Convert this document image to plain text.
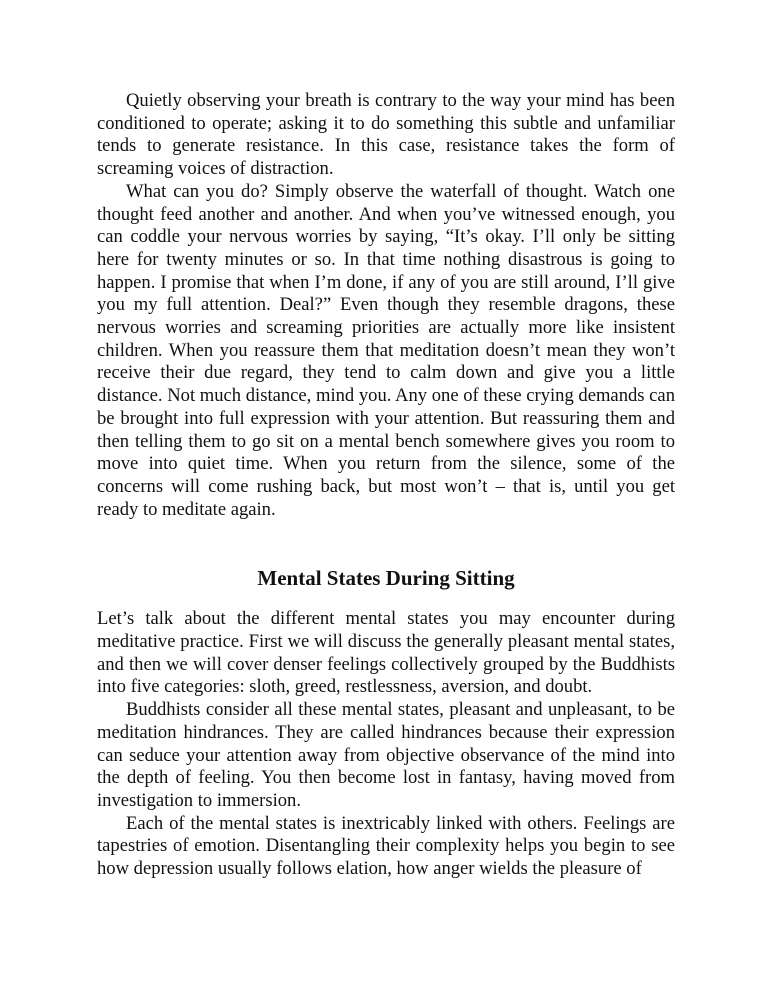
Quietly observing your breath is contrary to the way your mind has been conditioned to operate; asking it to do something this subtle and unfamiliar tends to generate resistance. In this case, resistance takes the form of screaming voices of distraction.

What can you do? Simply observe the waterfall of thought. Watch one thought feed another and another. And when you’ve witnessed enough, you can coddle your nervous worries by saying, “It’s okay. I’ll only be sitting here for twenty minutes or so. In that time nothing disastrous is going to happen. I promise that when I’m done, if any of you are still around, I’ll give you my full attention. Deal?” Even though they resemble dragons, these nervous worries and screaming priorities are actually more like insistent children. When you reassure them that meditation doesn’t mean they won’t receive their due regard, they tend to calm down and give you a little distance. Not much distance, mind you. Any one of these crying demands can be brought into full expression with your attention. But reassuring them and then telling them to go sit on a mental bench somewhere gives you room to move into quiet time. When you return from the silence, some of the concerns will come rushing back, but most won’t – that is, until you get ready to meditate again.

Mental States During Sitting

Let’s talk about the different mental states you may encounter during meditative practice. First we will discuss the generally pleasant mental states, and then we will cover denser feelings collectively grouped by the Buddhists into five categories: sloth, greed, restlessness, aversion, and doubt.

Buddhists consider all these mental states, pleasant and unpleasant, to be meditation hindrances. They are called hindrances because their expression can seduce your attention away from objective observance of the mind into the depth of feeling. You then become lost in fantasy, having moved from investigation to immersion.

Each of the mental states is inextricably linked with others. Feelings are tapestries of emotion. Disentangling their complexity helps you begin to see how depression usually follows elation, how anger wields the pleasure of
